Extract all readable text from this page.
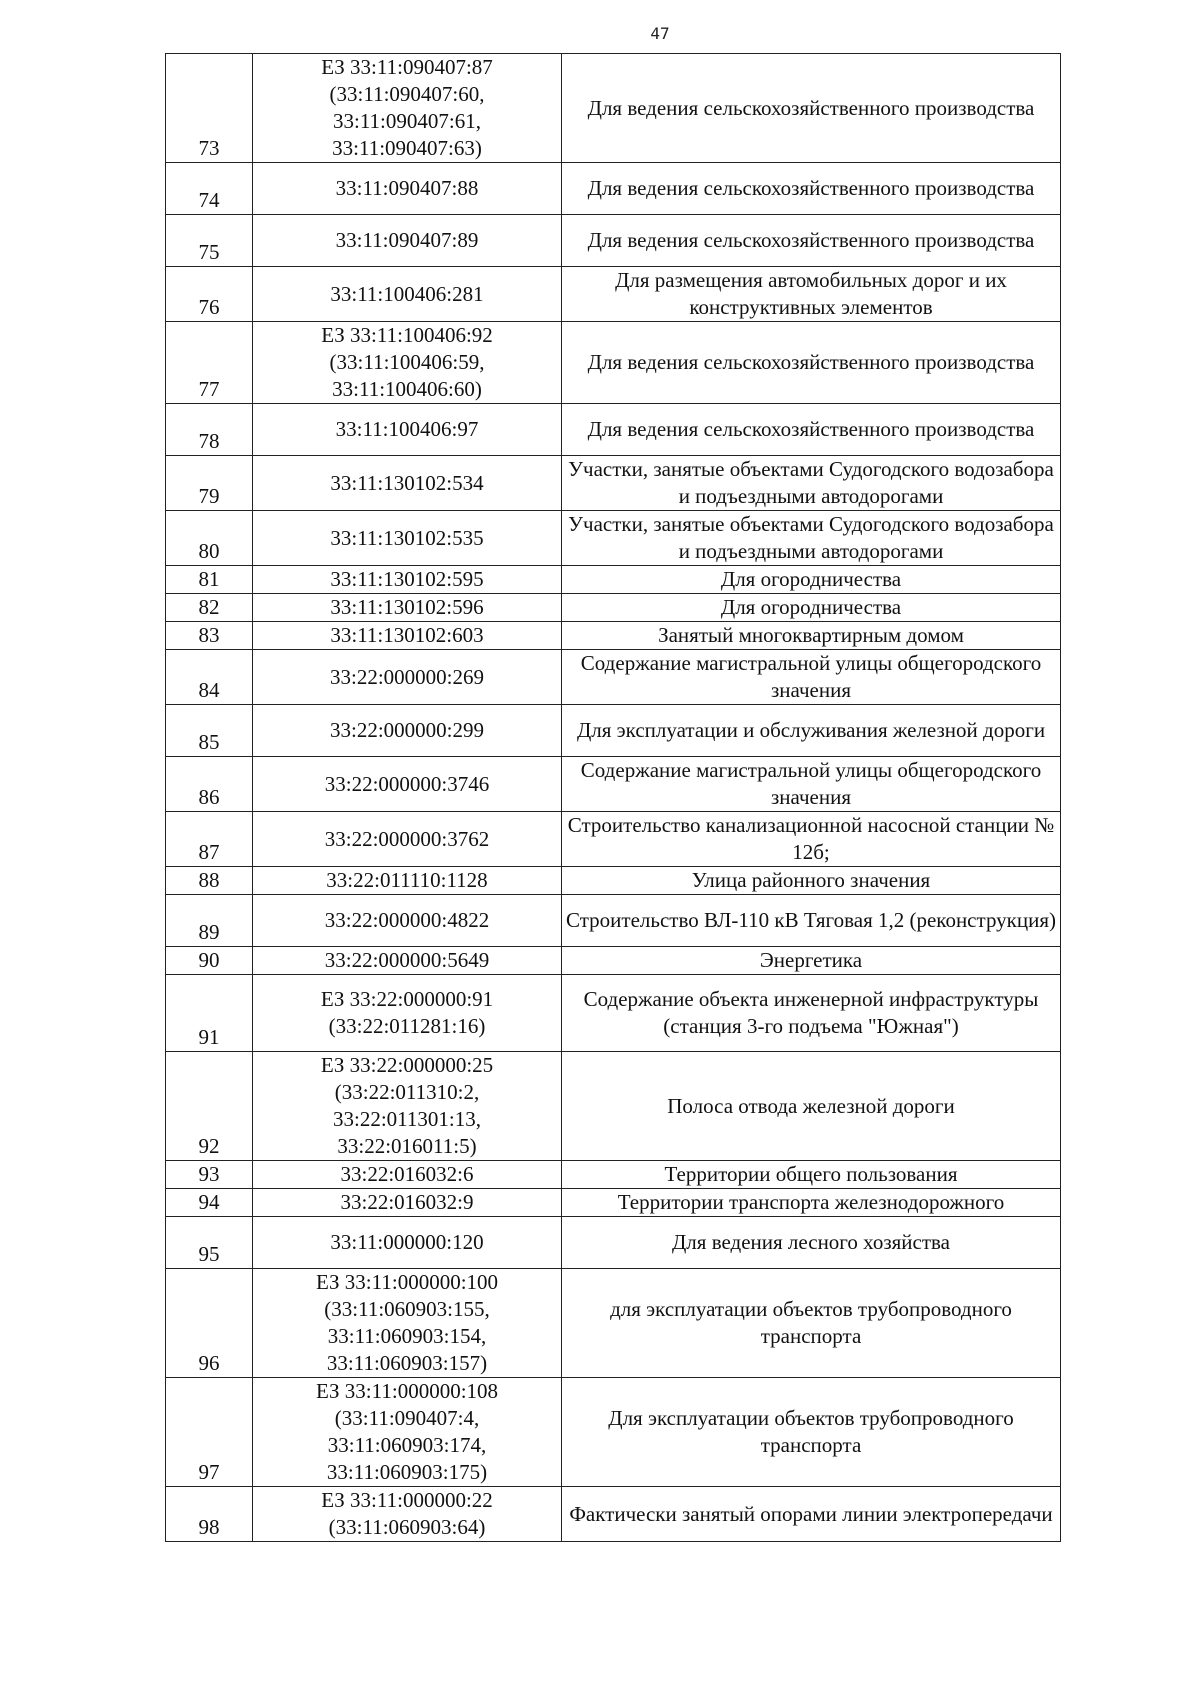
47
73	ЕЗ 33:11:090407:87
(33:11:090407:60,
33:11:090407:61,
33:11:090407:63)	Для ведения сельскохозяйственного производства
74	33:11:090407:88	Для ведения сельскохозяйственного производства
75	33:11:090407:89	Для ведения сельскохозяйственного производства
76	33:11:100406:281	Для размещения автомобильных дорог и их конструктивных элементов
77	ЕЗ 33:11:100406:92
(33:11:100406:59,
33:11:100406:60)	Для ведения сельскохозяйственного производства
78	33:11:100406:97	Для ведения сельскохозяйственного производства
79	33:11:130102:534	Участки, занятые объектами Судогодского водозабора и подъездными автодорогами
80	33:11:130102:535	Участки, занятые объектами Судогодского водозабора и подъездными автодорогами
81	33:11:130102:595	Для огородничества
82	33:11:130102:596	Для огородничества
83	33:11:130102:603	Занятый многоквартирным домом
84	33:22:000000:269	Содержание магистральной улицы общегородского значения
85	33:22:000000:299	Для эксплуатации и обслуживания железной дороги
86	33:22:000000:3746	Содержание магистральной улицы общегородского значения
87	33:22:000000:3762	Строительство канализационной насосной станции № 12б;
88	33:22:011110:1128	Улица районного значения
89	33:22:000000:4822	Строительство ВЛ-110 кВ Тяговая 1,2 (реконструкция)
90	33:22:000000:5649	Энергетика
91	ЕЗ 33:22:000000:91
(33:22:011281:16)	Содержание объекта инженерной инфраструктуры (станция 3-го подъема "Южная")
92	ЕЗ 33:22:000000:25
(33:22:011310:2,
33:22:011301:13,
33:22:016011:5)	Полоса отвода железной дороги
93	33:22:016032:6	Территории общего пользования
94	33:22:016032:9	Территории транспорта железнодорожного
95	33:11:000000:120	Для ведения лесного хозяйства
96	ЕЗ 33:11:000000:100
(33:11:060903:155,
33:11:060903:154,
33:11:060903:157)	для эксплуатации объектов трубопроводного транспорта
97	ЕЗ 33:11:000000:108
(33:11:090407:4,
33:11:060903:174,
33:11:060903:175)	Для эксплуатации объектов трубопроводного транспорта
98	ЕЗ 33:11:000000:22
(33:11:060903:64)	Фактически занятый опорами линии электропередачи
